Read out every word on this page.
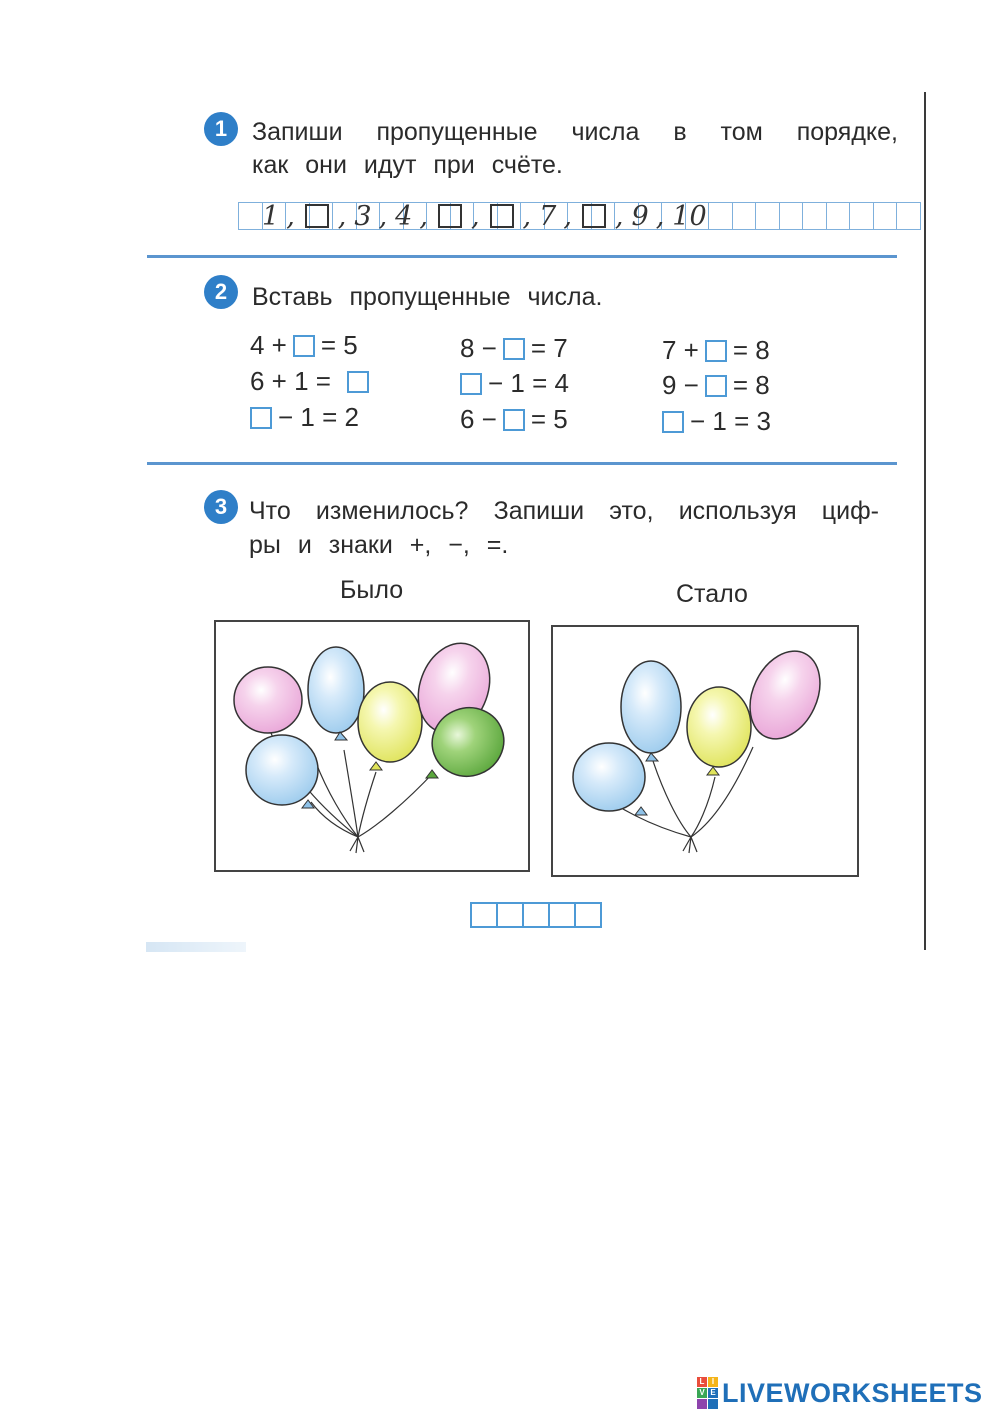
1 Запиши пропущенные числа в том порядке,
как они идут при счёте.
1 , , 3 , 4 , , , 7 , , 9 , 10
2 Вставь пропущенные числа.
4 + = 5
6 + 1 =
− 1 = 2
8 − = 7
− 1 = 4
6 − = 5
7 + = 8
9 − = 8
− 1 = 3
3 Что изменилось? Запиши это, используя циф-
ры и знаки +, −, =.
Было	Стало
L I
V E LIVEWORKSHEETS
